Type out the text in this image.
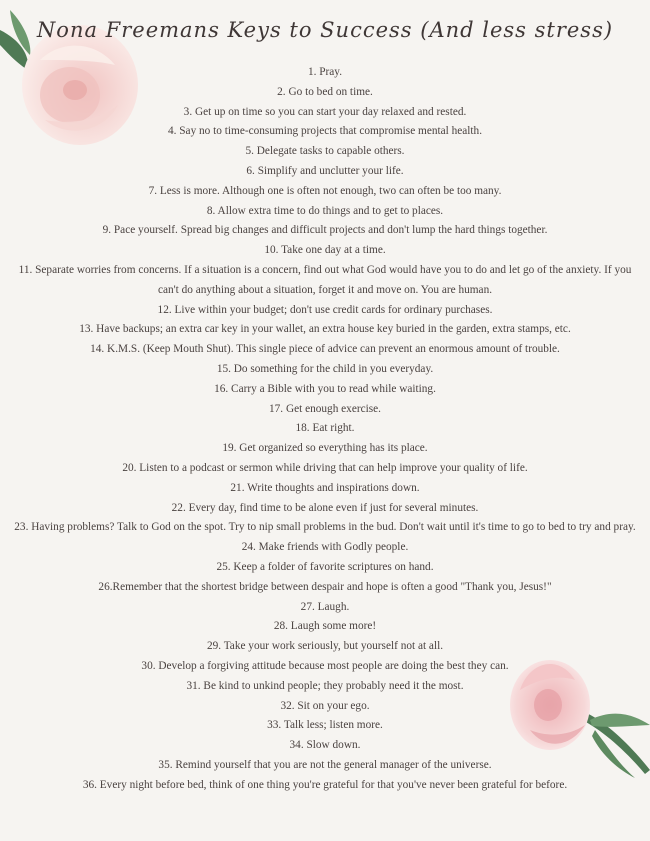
Nona Freemans Keys to Success (And less stress)
1. Pray.
2. Go to bed on time.
3. Get up on time so you can start your day relaxed and rested.
4. Say no to time-consuming projects that compromise mental health.
5. Delegate tasks to capable others.
6. Simplify and unclutter your life.
7. Less is more. Although one is often not enough, two can often be too many.
8. Allow extra time to do things and to get to places.
9. Pace yourself. Spread big changes and difficult projects and don't lump the hard things together.
10. Take one day at a time.
11. Separate worries from concerns. If a situation is a concern, find out what God would have you to do and let go of the anxiety. If you can't do anything about a situation, forget it and move on. You are human.
12. Live within your budget; don't use credit cards for ordinary purchases.
13. Have backups; an extra car key in your wallet, an extra house key buried in the garden, extra stamps, etc.
14. K.M.S. (Keep Mouth Shut). This single piece of advice can prevent an enormous amount of trouble.
15. Do something for the child in you everyday.
16. Carry a Bible with you to read while waiting.
17. Get enough exercise.
18. Eat right.
19. Get organized so everything has its place.
20. Listen to a podcast or sermon while driving that can help improve your quality of life.
21. Write thoughts and inspirations down.
22. Every day, find time to be alone even if just for several minutes.
23. Having problems? Talk to God on the spot. Try to nip small problems in the bud. Don't wait until it's time to go to bed to try and pray.
24. Make friends with Godly people.
25. Keep a folder of favorite scriptures on hand.
26.Remember that the shortest bridge between despair and hope is often a good "Thank you, Jesus!"
27. Laugh.
28. Laugh some more!
29. Take your work seriously, but yourself not at all.
30. Develop a forgiving attitude because most people are doing the best they can.
31. Be kind to unkind people; they probably need it the most.
32. Sit on your ego.
33. Talk less; listen more.
34. Slow down.
35. Remind yourself that you are not the general manager of the universe.
36. Every night before bed, think of one thing you're grateful for that you've never been grateful for before.
